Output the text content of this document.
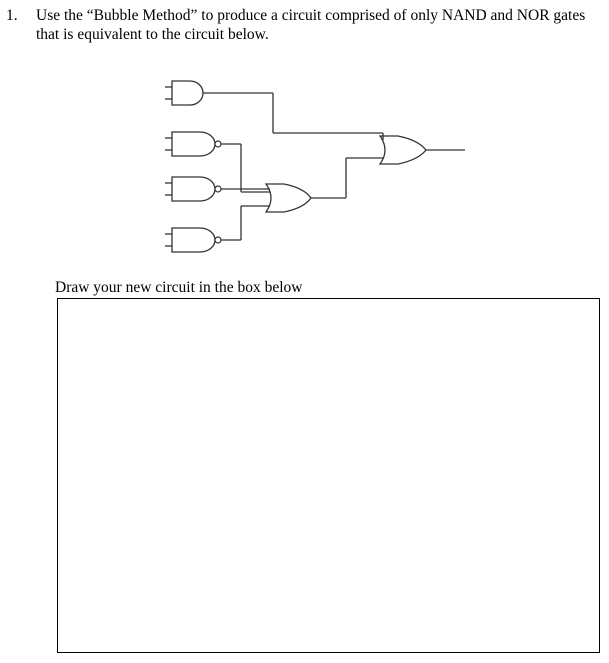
1. Use the “Bubble Method” to produce a circuit comprised of only NAND and NOR gates that is equivalent to the circuit below.
Draw your new circuit in the box below
